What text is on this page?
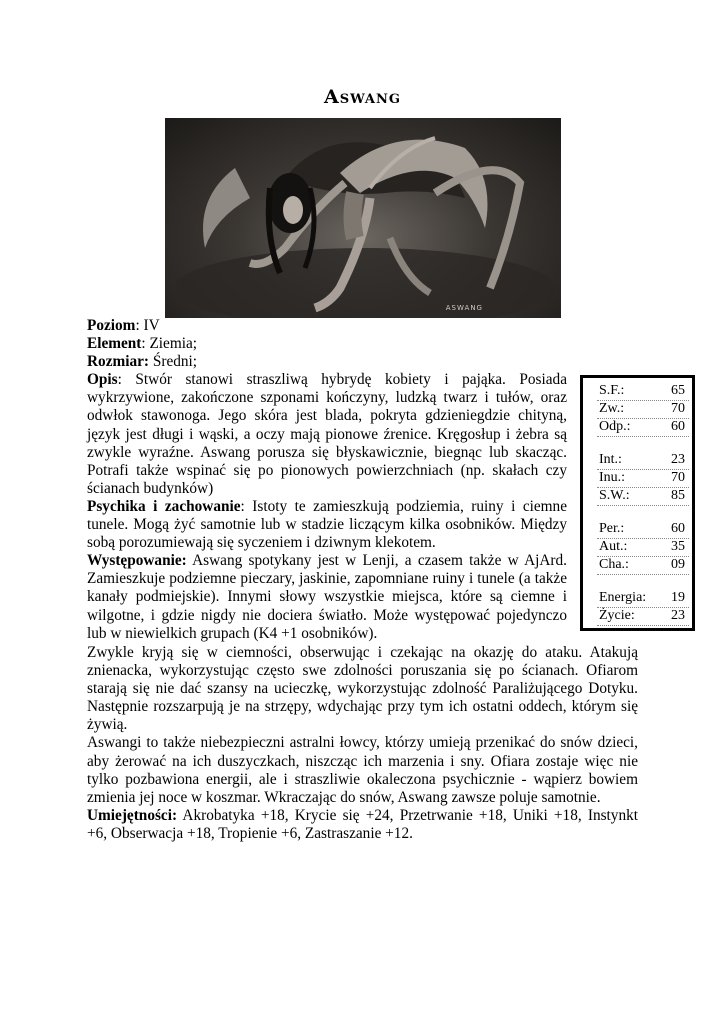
Aswang
ASWANG

Poziom: IV

Element: Ziemia;

Rozmiar: Średni;

Opis: Stwór stanowi straszliwą hybrydę kobiety i pająka. Posiada wykrzywione, zakończone szponami kończyny, ludzką twarz i tułów, oraz odwłok stawonoga. Jego skóra jest blada, pokryta gdzieniegdzie chityną, język jest długi i wąski, a oczy mają pionowe źrenice. Kręgosłup i żebra są zwykle wyraźne. Aswang porusza się błyskawicznie, biegnąc lub skacząc. Potrafi także wspinać się po pionowych powierzchniach (np. skałach czy ścianach budynków)

Psychika i zachowanie: Istoty te zamieszkują podziemia, ruiny i ciemne tunele. Mogą żyć samotnie lub w stadzie liczącym kilka osobników. Między sobą porozumiewają się syczeniem i dziwnym klekotem.

Występowanie: Aswang spotykany jest w Lenji, a czasem także w AjArd. Zamieszkuje podziemne pieczary, jaskinie, zapomniane ruiny i tunele (a także kanały podmiejskie). Innymi słowy wszystkie miejsca, które są ciemne i wilgotne, i gdzie nigdy nie dociera światło. Może występować pojedynczo lub w niewielkich grupach (K4 +1 osobników).

Zwykle kryją się w ciemności, obserwując i czekając na okazję do ataku. Atakują znienacka, wykorzystując często swe zdolności poruszania się po ścianach. Ofiarom starają się nie dać szansy na ucieczkę, wykorzystując zdolność Paraliżującego Dotyku. Następnie rozszarpują je na strzępy, wdychając przy tym ich ostatni oddech, którym się żywią.

Aswangi to także niebezpieczni astralni łowcy, którzy umieją przenikać do snów dzieci, aby żerować na ich duszyczkach, niszcząc ich marzenia i sny. Ofiara zostaje więc nie tylko pozbawiona energii, ale i straszliwie okaleczona psychicznie - wąpierz bowiem zmienia jej noce w koszmar. Wkraczając do snów, Aswang zawsze poluje samotnie.

Umiejętności: Akrobatyka +18, Krycie się +24, Przetrwanie +18, Uniki +18, Instynkt +6, Obserwacja +18, Tropienie +6, Zastraszanie +12.

S.F.:	65
Zw.:	70
Odp.:	60
Int.:	23
Inu.:	70
S.W.:	85
Per.:	60
Aut.:	35
Cha.:	09
Energia: 19
Życie:	23
